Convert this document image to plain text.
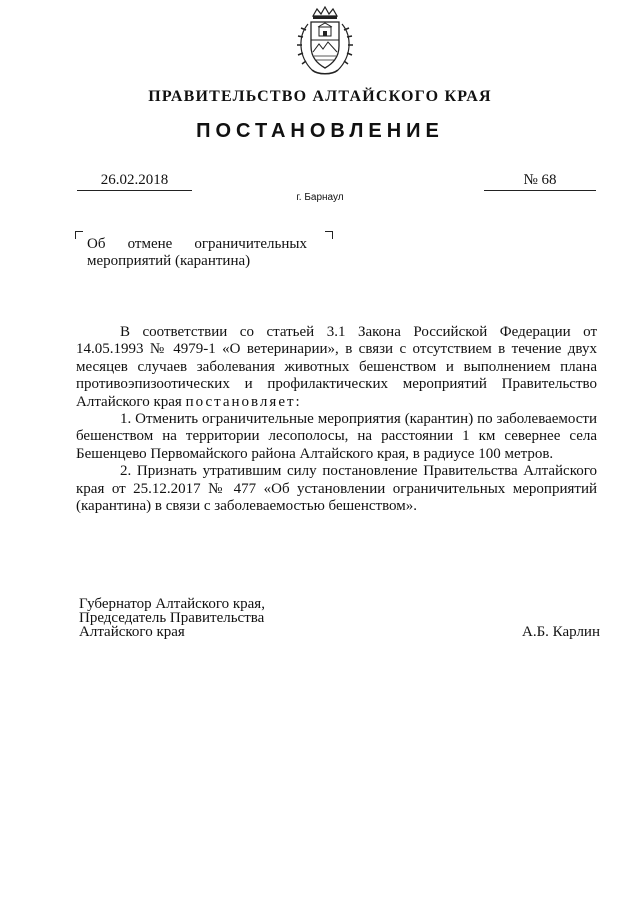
ПРАВИТЕЛЬСТВО АЛТАЙСКОГО КРАЯ
ПОСТАНОВЛЕНИЕ
26.02.2018	№ 68
г. Барнаул
Об отмене ограничительных
мероприятий (карантина)

В соответствии со статьей 3.1 Закона Российской Федерации от 14.05.1993 № 4979-1 «О ветеринарии», в связи с отсутствием в течение двух месяцев случаев заболевания животных бешенством и выполнением плана противоэпизоотических и профилактических мероприятий Правительство Алтайского края постановляет:

1. Отменить ограничительные мероприятия (карантин) по заболеваемости бешенством на территории лесополосы, на расстоянии 1 км севернее села Бешенцево Первомайского района Алтайского края, в радиусе 100 метров.

2. Признать утратившим силу постановление Правительства Алтайского края от 25.12.2017 № 477 «Об установлении ограничительных мероприятий (карантина) в связи с заболеваемостью бешенством».

Губернатор Алтайского края,
Председатель Правительства
Алтайского края	А.Б. Карлин
